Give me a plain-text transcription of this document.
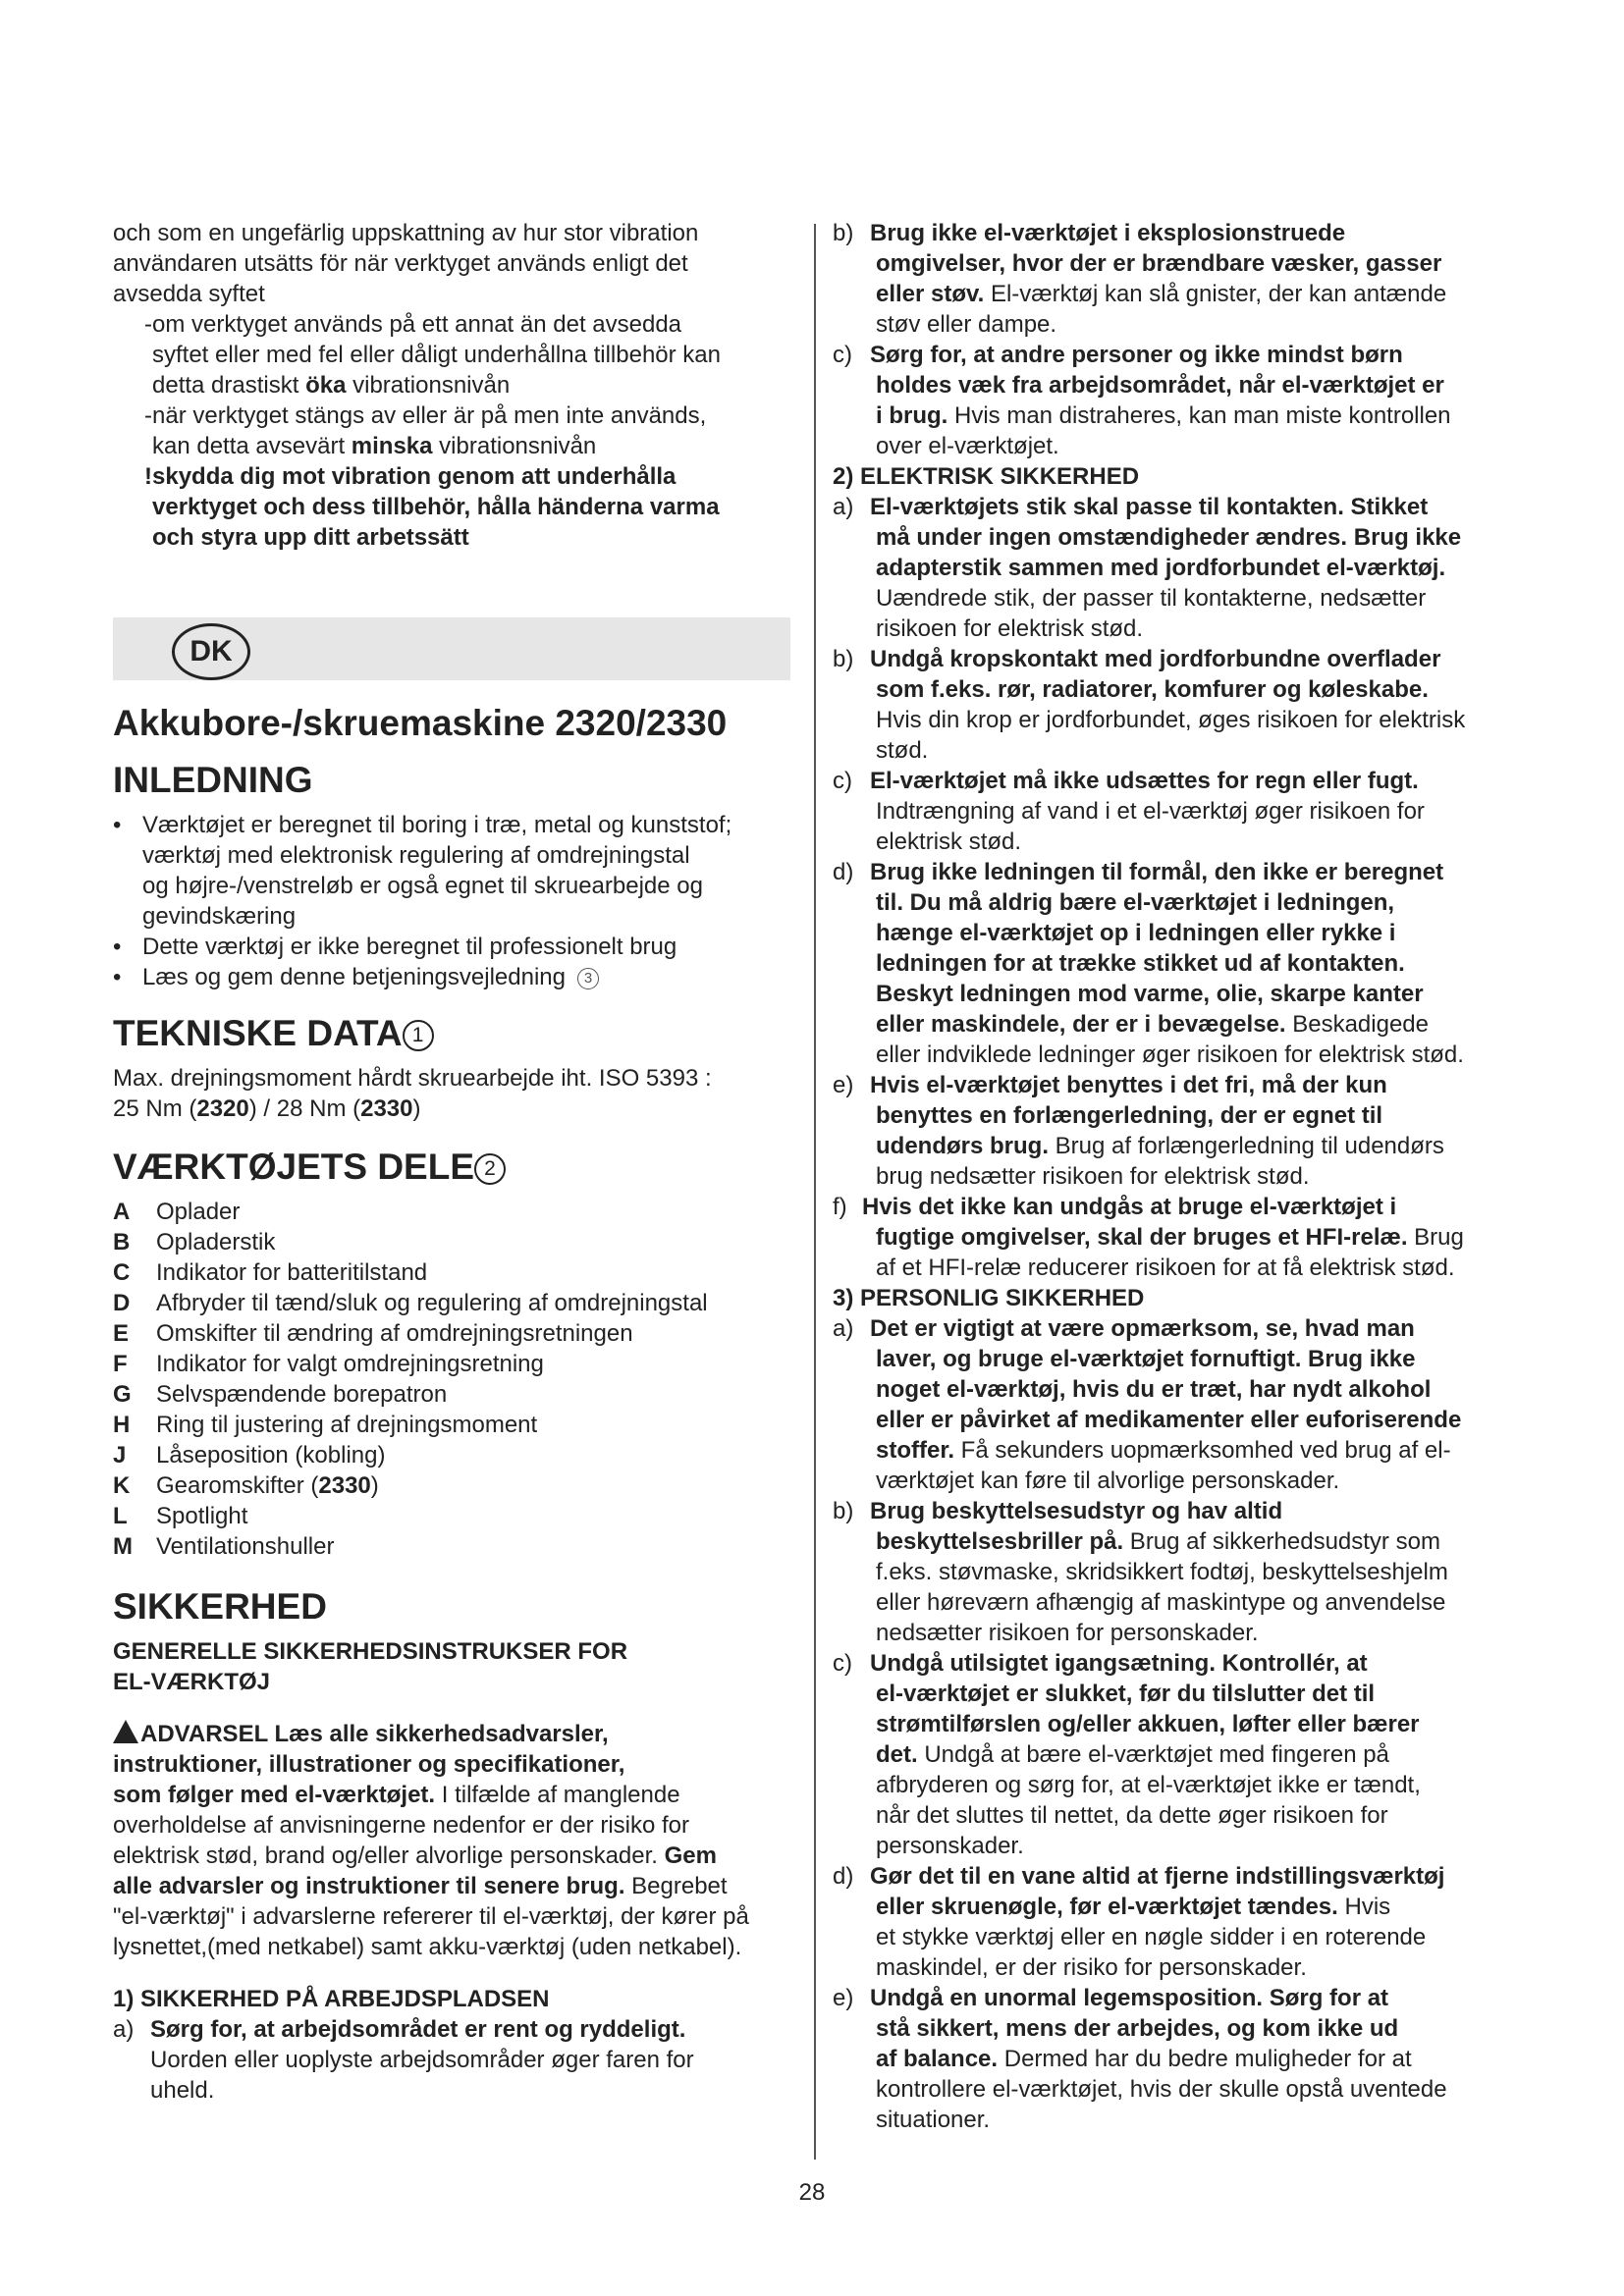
och som en ungefärlig uppskattning av hur stor vibration

användaren utsätts för när verktyget används enligt det

avsedda syftet

-om verktyget används på ett annat än det avsedda

syftet eller med fel eller dåligt underhållna tillbehör kan

detta drastiskt öka vibrationsnivån

-när verktyget stängs av eller är på men inte används,

kan detta avsevärt minska vibrationsnivån

!skydda dig mot vibration genom att underhålla

verktyget och dess tillbehör, hålla händerna varma

och styra upp ditt arbetssätt

DK
Akkubore-/skruemaskine 2320/2330
INLEDNING

• Værktøjet er beregnet til boring i træ, metal og kunststof;

værktøj med elektronisk regulering af omdrejningstal

og højre-/venstreløb er også egnet til skruearbejde og

gevindskæring

• Dette værktøj er ikke beregnet til professionelt brug

• Læs og gem denne betjeningsvejledning 3

TEKNISKE DATA 1

Max. drejningsmoment hårdt skruearbejde iht. ISO 5393 :

25 Nm (2320) / 28 Nm (2330)

VÆRKTØJETS DELE 2
A	Oplader
B	Opladerstik
C	Indikator for batteritilstand
D	Afbryder til tænd/sluk og regulering af omdrejningstal
E	Omskifter til ændring af omdrejningsretningen
F	Indikator for valgt omdrejningsretning
G	Selvspændende borepatron
H	Ring til justering af drejningsmoment
J	Låseposition (kobling)
K	Gearomskifter (2330)
L	Spotlight
M	Ventilationshuller
SIKKERHED

GENERELLE SIKKERHEDSINSTRUKSER FOR

EL-VÆRKTØJ

ADVARSEL Læs alle sikkerhedsadvarsler,

instruktioner, illustrationer og specifikationer,

som følger med el-værktøjet. I tilfælde af manglende

overholdelse af anvisningerne nedenfor er der risiko for

elektrisk stød, brand og/eller alvorlige personskader. Gem

alle advarsler og instruktioner til senere brug. Begrebet

"el-værktøj" i advarslerne refererer til el-værktøj, der kører på

lysnettet,(med netkabel) samt akku-værktøj (uden netkabel).

1) SIKKERHED PÅ ARBEJDSPLADSEN

a) Sørg for, at arbejdsområdet er rent og ryddeligt.

Uorden eller uoplyste arbejdsområder øger faren for

uheld.

b) Brug ikke el-værktøjet i eksplosionstruede

omgivelser, hvor der er brændbare væsker, gasser

eller støv. El-værktøj kan slå gnister, der kan antænde

støv eller dampe.

c) Sørg for, at andre personer og ikke mindst børn

holdes væk fra arbejdsområdet, når el-værktøjet er

i brug. Hvis man distraheres, kan man miste kontrollen

over el-værktøjet.

2) ELEKTRISK SIKKERHED

a) El-værktøjets stik skal passe til kontakten. Stikket

må under ingen omstændigheder ændres. Brug ikke

adapterstik sammen med jordforbundet el-værktøj.

Uændrede stik, der passer til kontakterne, nedsætter

risikoen for elektrisk stød.

b) Undgå kropskontakt med jordforbundne overflader

som f.eks. rør, radiatorer, komfurer og køleskabe.

Hvis din krop er jordforbundet, øges risikoen for elektrisk

stød.

c) El-værktøjet må ikke udsættes for regn eller fugt.

Indtrængning af vand i et el-værktøj øger risikoen for

elektrisk stød.

d) Brug ikke ledningen til formål, den ikke er beregnet

til. Du må aldrig bære el-værktøjet i ledningen,

hænge el-værktøjet op i ledningen eller rykke i

ledningen for at trække stikket ud af kontakten.

Beskyt ledningen mod varme, olie, skarpe kanter

eller maskindele, der er i bevægelse. Beskadigede

eller indviklede ledninger øger risikoen for elektrisk stød.

e) Hvis el-værktøjet benyttes i det fri, må der kun

benyttes en forlængerledning, der er egnet til

udendørs brug. Brug af forlængerledning til udendørs

brug nedsætter risikoen for elektrisk stød.

f) Hvis det ikke kan undgås at bruge el-værktøjet i

fugtige omgivelser, skal der bruges et HFI-relæ. Brug

af et HFI-relæ reducerer risikoen for at få elektrisk stød.

3) PERSONLIG SIKKERHED

a) Det er vigtigt at være opmærksom, se, hvad man

laver, og bruge el-værktøjet fornuftigt. Brug ikke

noget el-værktøj, hvis du er træt, har nydt alkohol

eller er påvirket af medikamenter eller euforiserende

stoffer. Få sekunders uopmærksomhed ved brug af el-

værktøjet kan føre til alvorlige personskader.

b) Brug beskyttelsesudstyr og hav altid

beskyttelsesbriller på. Brug af sikkerhedsudstyr som

f.eks. støvmaske, skridsikkert fodtøj, beskyttelseshjelm

eller høreværn afhængig af maskintype og anvendelse

nedsætter risikoen for personskader.

c) Undgå utilsigtet igangsætning. Kontrollér, at

el-værktøjet er slukket, før du tilslutter det til

strømtilførslen og/eller akkuen, løfter eller bærer

det. Undgå at bære el-værktøjet med fingeren på

afbryderen og sørg for, at el-værktøjet ikke er tændt,

når det sluttes til nettet, da dette øger risikoen for

personskader.

d) Gør det til en vane altid at fjerne indstillingsværktøj

eller skruenøgle, før el-værktøjet tændes. Hvis

et stykke værktøj eller en nøgle sidder i en roterende

maskindel, er der risiko for personskader.

e) Undgå en unormal legemsposition. Sørg for at

stå sikkert, mens der arbejdes, og kom ikke ud

af balance. Dermed har du bedre muligheder for at

kontrollere el-værktøjet, hvis der skulle opstå uventede

situationer.

28
